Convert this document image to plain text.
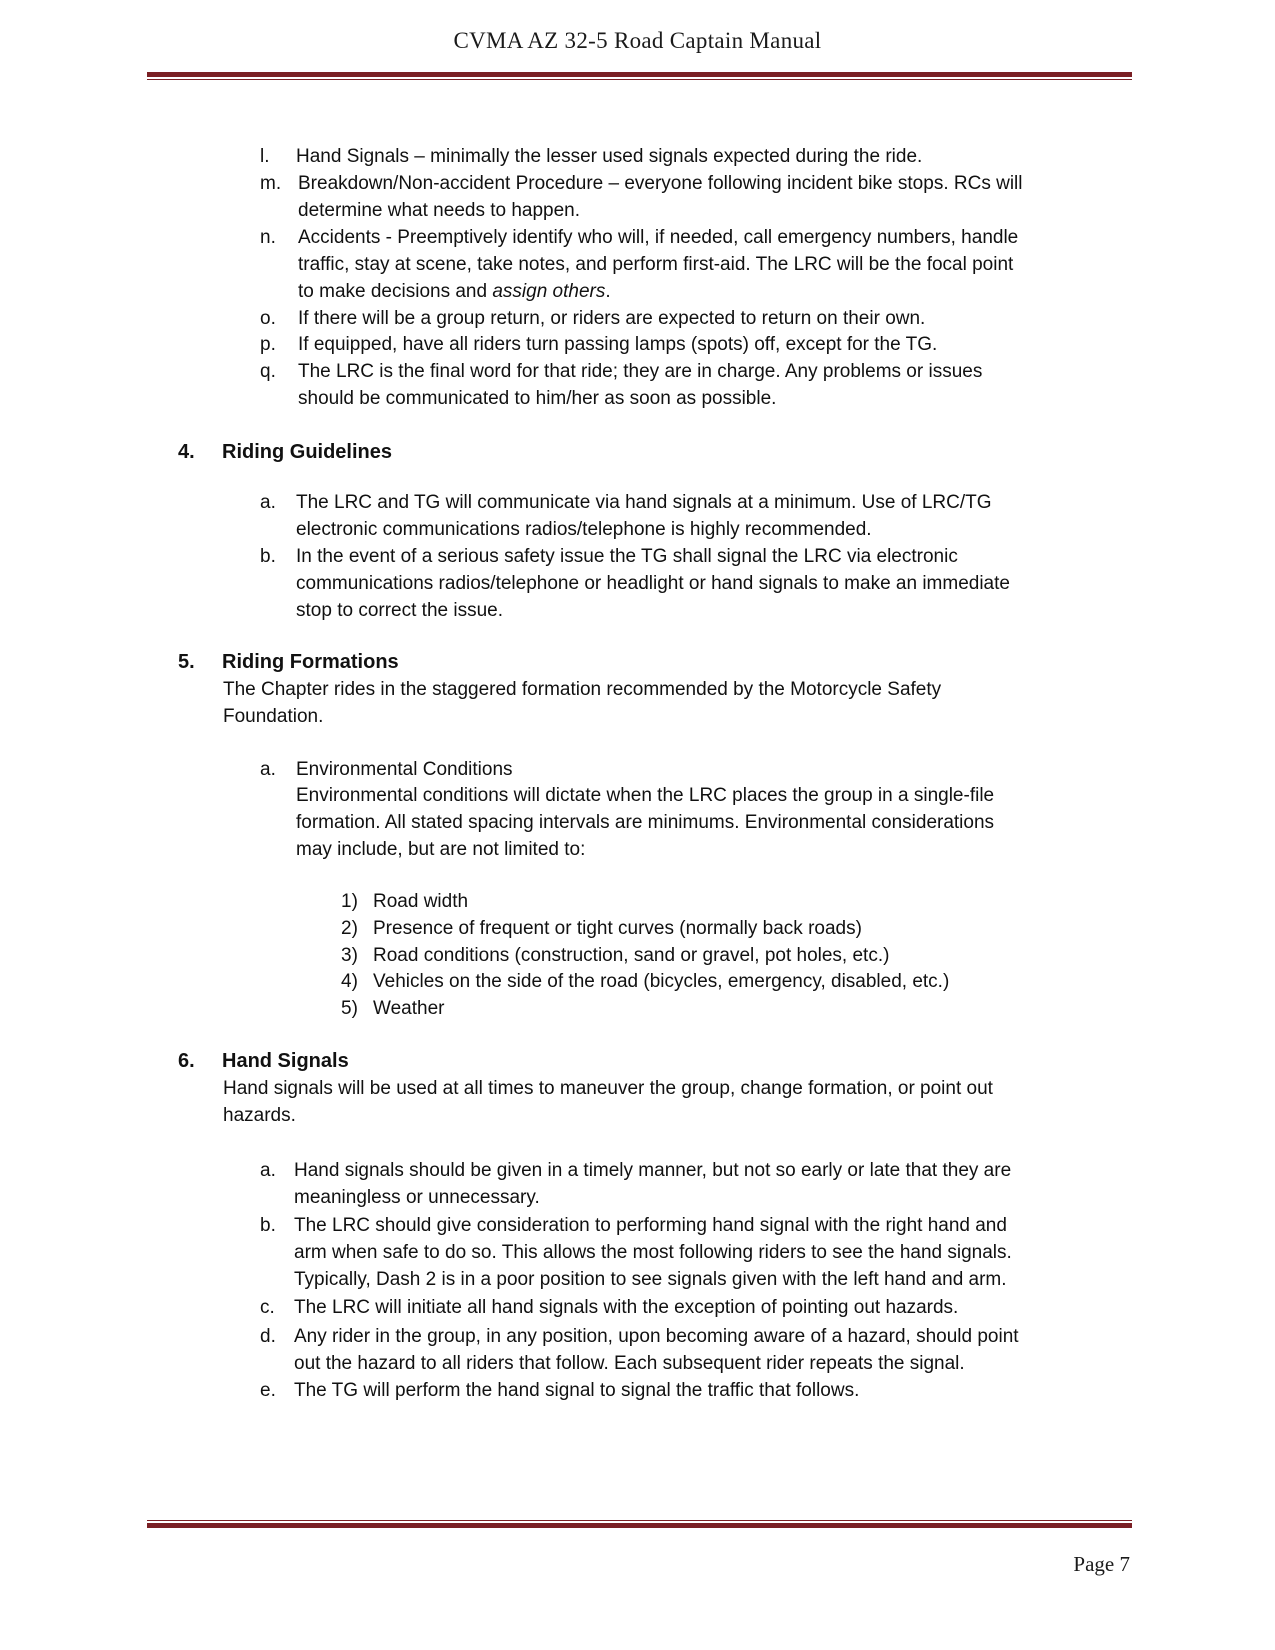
CVMA AZ 32-5 Road Captain Manual
l. Hand Signals – minimally the lesser used signals expected during the ride.
m. Breakdown/Non-accident Procedure – everyone following incident bike stops. RCs will
determine what needs to happen.
n. Accidents - Preemptively identify who will, if needed, call emergency numbers, handle
traffic, stay at scene, take notes, and perform first-aid. The LRC will be the focal point
to make decisions and assign others.
o. If there will be a group return, or riders are expected to return on their own.
p. If equipped, have all riders turn passing lamps (spots) off, except for the TG.
q. The LRC is the final word for that ride; they are in charge. Any problems or issues
should be communicated to him/her as soon as possible.
4. Riding Guidelines
a. The LRC and TG will communicate via hand signals at a minimum. Use of LRC/TG
electronic communications radios/telephone is highly recommended.
b. In the event of a serious safety issue the TG shall signal the LRC via electronic
communications radios/telephone or headlight or hand signals to make an immediate
stop to correct the issue.
5. Riding Formations
The Chapter rides in the staggered formation recommended by the Motorcycle Safety
Foundation.
a. Environmental Conditions
Environmental conditions will dictate when the LRC places the group in a single-file
formation. All stated spacing intervals are minimums. Environmental considerations
may include, but are not limited to:
1) Road width
2) Presence of frequent or tight curves (normally back roads)
3) Road conditions (construction, sand or gravel, pot holes, etc.)
4) Vehicles on the side of the road (bicycles, emergency, disabled, etc.)
5) Weather
6. Hand Signals
Hand signals will be used at all times to maneuver the group, change formation, or point out
hazards.
a. Hand signals should be given in a timely manner, but not so early or late that they are
meaningless or unnecessary.
b. The LRC should give consideration to performing hand signal with the right hand and
arm when safe to do so. This allows the most following riders to see the hand signals.
Typically, Dash 2 is in a poor position to see signals given with the left hand and arm.
c. The LRC will initiate all hand signals with the exception of pointing out hazards.
d. Any rider in the group, in any position, upon becoming aware of a hazard, should point
out the hazard to all riders that follow. Each subsequent rider repeats the signal.
e. The TG will perform the hand signal to signal the traffic that follows.
Page 7
